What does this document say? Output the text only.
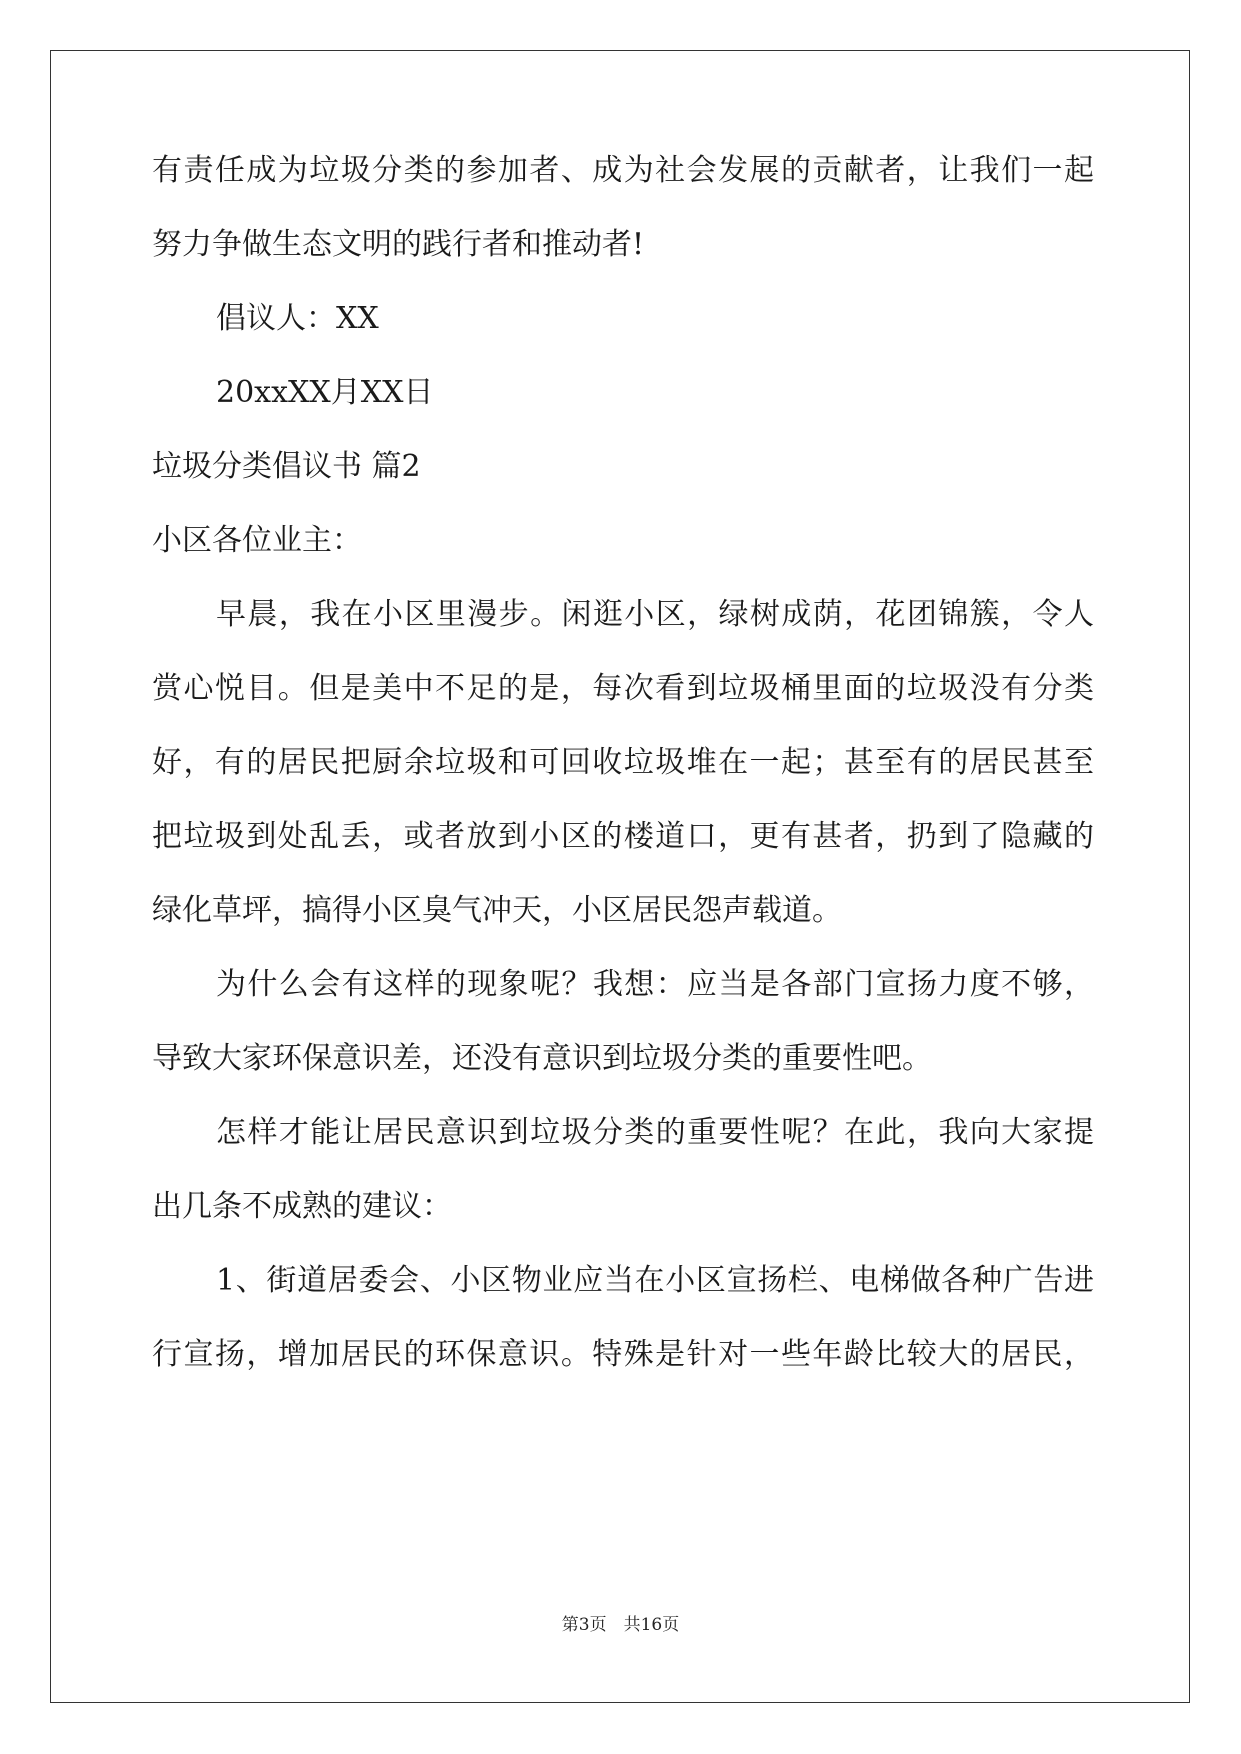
有责任成为垃圾分类的参加者、成为社会发展的贡献者，让我们一起
努力争做生态文明的践行者和推动者!
倡议人：XX
20xxXX月XX日
垃圾分类倡议书 篇2
小区各位业主：
早晨，我在小区里漫步。闲逛小区，绿树成荫，花团锦簇，令人
赏心悦目。但是美中不足的是，每次看到垃圾桶里面的垃圾没有分类
好，有的居民把厨余垃圾和可回收垃圾堆在一起；甚至有的居民甚至
把垃圾到处乱丢，或者放到小区的楼道口，更有甚者，扔到了隐藏的
绿化草坪，搞得小区臭气冲天，小区居民怨声载道。
为什么会有这样的现象呢？我想：应当是各部门宣扬力度不够，
导致大家环保意识差，还没有意识到垃圾分类的重要性吧。
怎样才能让居民意识到垃圾分类的重要性呢？在此，我向大家提
出几条不成熟的建议：
1、街道居委会、小区物业应当在小区宣扬栏、电梯做各种广告进
行宣扬，增加居民的环保意识。特殊是针对一些年龄比较大的居民，
第3页　共16页
